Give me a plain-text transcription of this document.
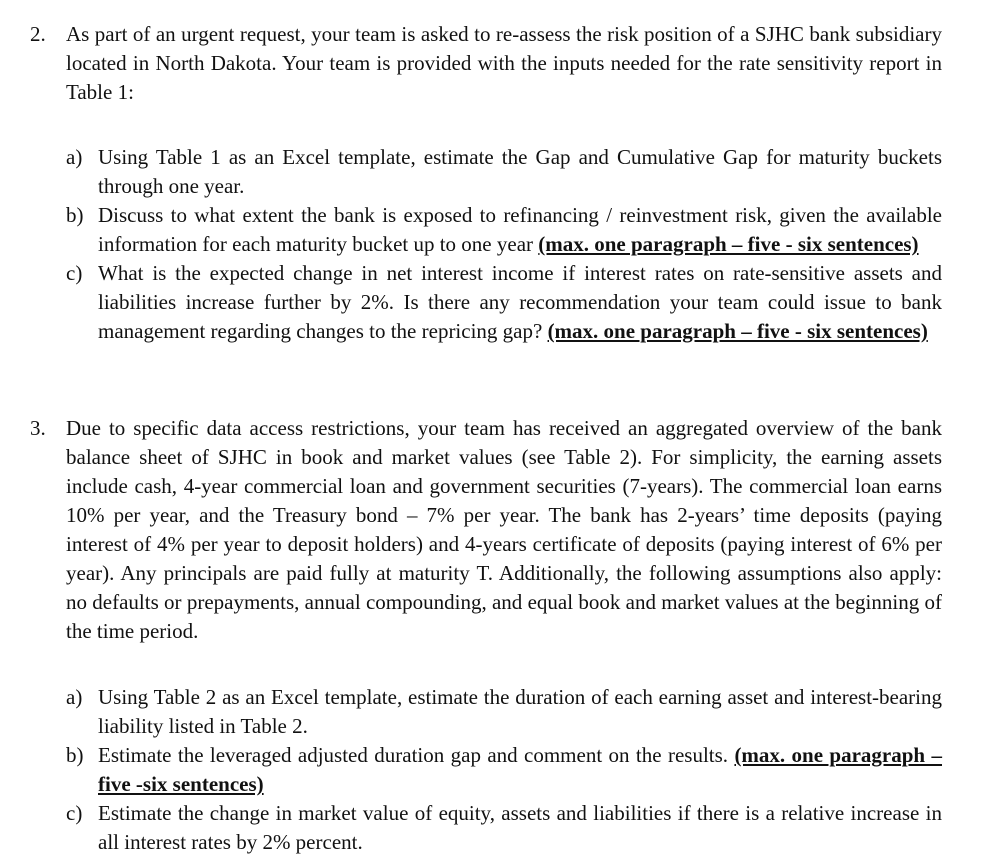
2. As part of an urgent request, your team is asked to re-assess the risk position of a SJHC bank subsidiary located in North Dakota. Your team is provided with the inputs needed for the rate sensitivity report in Table 1:
a) Using Table 1 as an Excel template, estimate the Gap and Cumulative Gap for maturity buckets through one year.
b) Discuss to what extent the bank is exposed to refinancing / reinvestment risk, given the available information for each maturity bucket up to one year (max. one paragraph – five - six sentences)
c) What is the expected change in net interest income if interest rates on rate-sensitive assets and liabilities increase further by 2%. Is there any recommendation your team could issue to bank management regarding changes to the repricing gap? (max. one paragraph – five - six sentences)
3. Due to specific data access restrictions, your team has received an aggregated overview of the bank balance sheet of SJHC in book and market values (see Table 2). For simplicity, the earning assets include cash, 4-year commercial loan and government securities (7-years). The commercial loan earns 10% per year, and the Treasury bond – 7% per year. The bank has 2-years’ time deposits (paying interest of 4% per year to deposit holders) and 4-years certificate of deposits (paying interest of 6% per year). Any principals are paid fully at maturity T. Additionally, the following assumptions also apply: no defaults or prepayments, annual compounding, and equal book and market values at the beginning of the time period.
a) Using Table 2 as an Excel template, estimate the duration of each earning asset and interest-bearing liability listed in Table 2.
b) Estimate the leveraged adjusted duration gap and comment on the results. (max. one paragraph – five -six sentences)
c) Estimate the change in market value of equity, assets and liabilities if there is a relative increase in all interest rates by 2% percent.
